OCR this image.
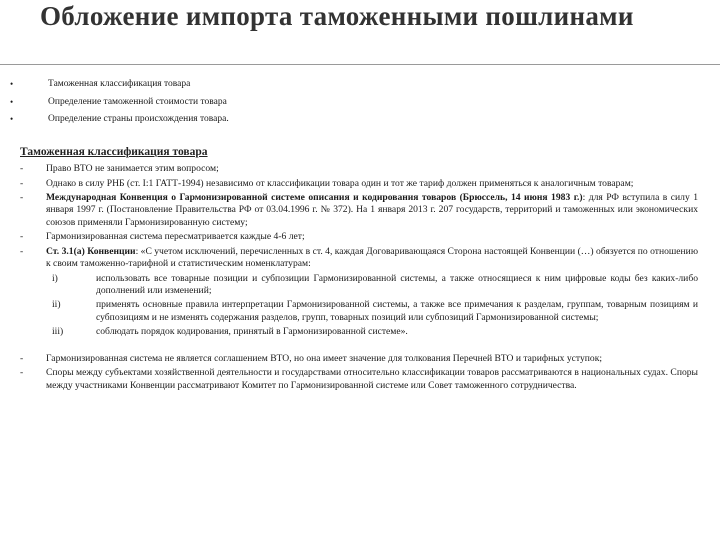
Обложение импорта таможенными пошлинами
•	Таможенная классификация товара
•	Определение таможенной стоимости товара
•	Определение страны происхождения товара.
Таможенная классификация товара
- Право ВТО не занимается этим вопросом;
- Однако в силу РНБ (ст. I:1 ГАТТ-1994) независимо от классификации товара один и тот же тариф должен применяться к аналогичным товарам;
- Международная Конвенция о Гармонизированной системе описания и кодирования товаров (Брюссель, 14 июня 1983 г.): для РФ вступила в силу 1 января 1997 г. (Постановление Правительства РФ от 03.04.1996 г. № 372). На 1 января 2013 г. 207 государств, территорий и таможенных или экономических союзов применяли Гармонизированную систему;
- Гармонизированная система пересматривается каждые 4-6 лет;
- Ст. 3.1(а) Конвенции: «С учетом исключений, перечисленных в ст. 4, каждая Договаривающаяся Сторона настоящей Конвенции (…) обязуется по отношению к своим таможенно-тарифной и статистическим номенклатурам:
i)	использовать все товарные позиции и субпозиции Гармонизированной системы, а также относящиеся к ним цифровые коды без каких-либо дополнений или изменений;
ii)	применять основные правила интерпретации Гармонизированной системы, а также все примечания к разделам, группам, товарным позициям и субпозициям и не изменять содержания разделов, групп, товарных позиций или субпозиций Гармонизированной системы;
iii)	соблюдать порядок кодирования, принятый в Гармонизированной системе».
- Гармонизированная система не является соглашением ВТО, но она имеет значение для толкования Перечней ВТО и тарифных уступок;
- Споры между субъектами хозяйственной деятельности и государствами относительно классификации товаров рассматриваются в национальных судах. Споры между участниками Конвенции рассматривают Комитет по Гармонизированной системе или Совет таможенного сотрудничества.
